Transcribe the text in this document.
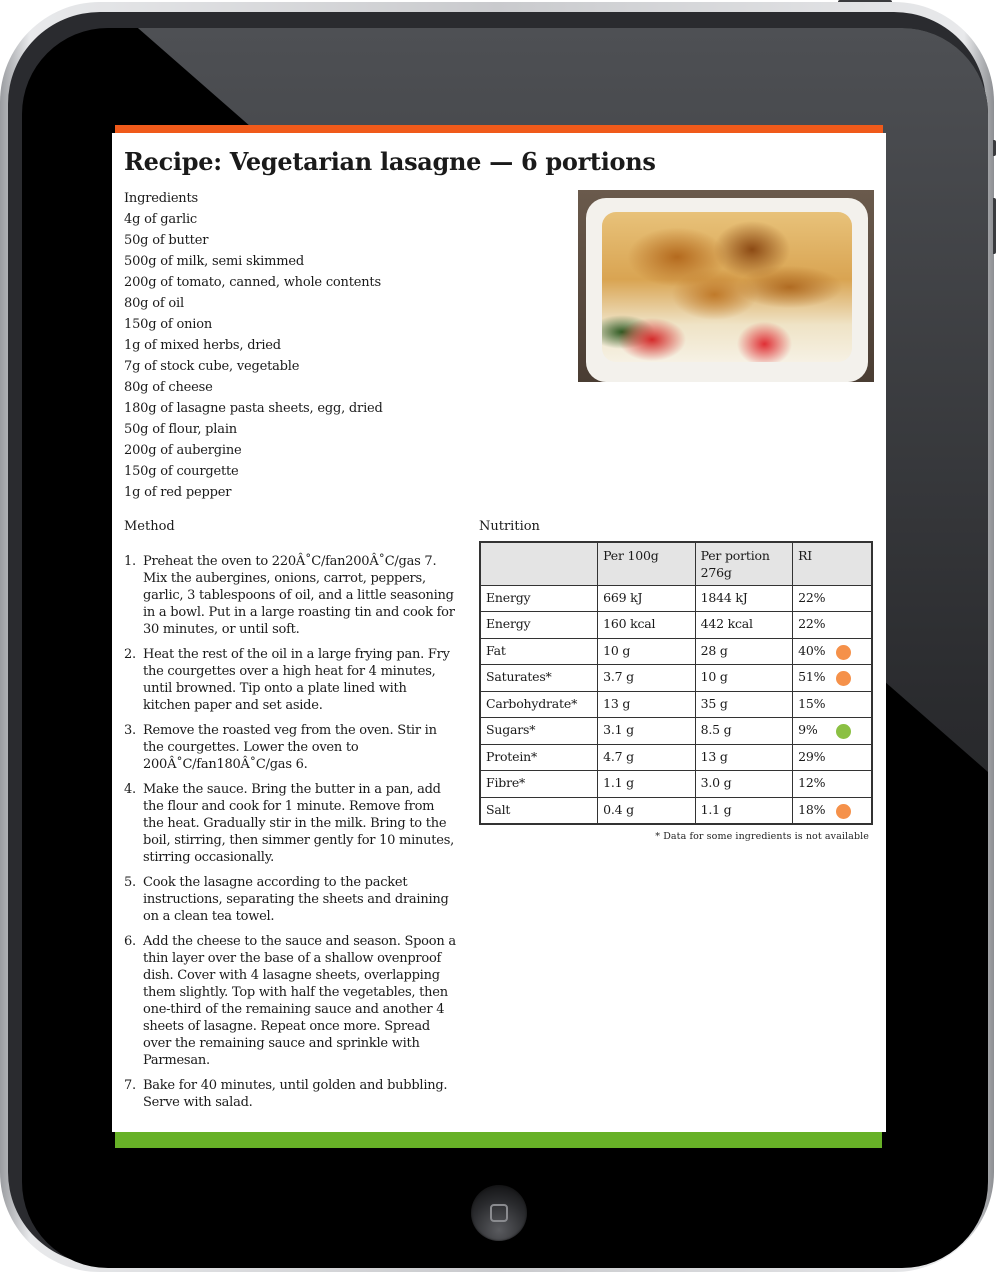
Recipe: Vegetarian lasagne — 6 portions
Ingredients
4g of garlic
50g of butter
500g of milk, semi skimmed
200g of tomato, canned, whole contents
80g of oil
150g of onion
1g of mixed herbs, dried
7g of stock cube, vegetable
80g of cheese
180g of lasagne pasta sheets, egg, dried
50g of flour, plain
200g of aubergine
150g of courgette
1g of red pepper
Method
1. Preheat the oven to 220Â˚C/fan200Â˚C/gas 7. Mix the aubergines, onions, carrot, peppers, garlic, 3 tablespoons of oil, and a little seasoning in a bowl. Put in a large roasting tin and cook for 30 minutes, or until soft.
2. Heat the rest of the oil in a large frying pan. Fry the courgettes over a high heat for 4 minutes, until browned. Tip onto a plate lined with kitchen paper and set aside.
3. Remove the roasted veg from the oven. Stir in the courgettes. Lower the oven to 200Â˚C/fan180Â˚C/gas 6.
4. Make the sauce. Bring the butter in a pan, add the flour and cook for 1 minute. Remove from the heat. Gradually stir in the milk. Bring to the boil, stirring, then simmer gently for 10 minutes, stirring occasionally.
5. Cook the lasagne according to the packet instructions, separating the sheets and draining on a clean tea towel.
6. Add the cheese to the sauce and season. Spoon a thin layer over the base of a shallow ovenproof dish. Cover with 4 lasagne sheets, overlapping them slightly. Top with half the vegetables, then one-third of the remaining sauce and another 4 sheets of lasagne. Repeat once more. Spread over the remaining sauce and sprinkle with Parmesan.
7. Bake for 40 minutes, until golden and bubbling. Serve with salad.
Nutrition
	Per 100g	Per portion 276g	RI
Energy	669 kJ	1844 kJ	22%
Energy	160 kcal	442 kcal	22%
Fat	10 g	28 g	40%

Saturates*	3.7 g	10 g	51%

Carbohydrate*	13 g	35 g	15%
Sugars*	3.1 g	8.5 g	9%

Protein*	4.7 g	13 g	29%
Fibre*	1.1 g	3.0 g	12%
Salt	0.4 g	1.1 g	18%
* Data for some ingredients is not available
